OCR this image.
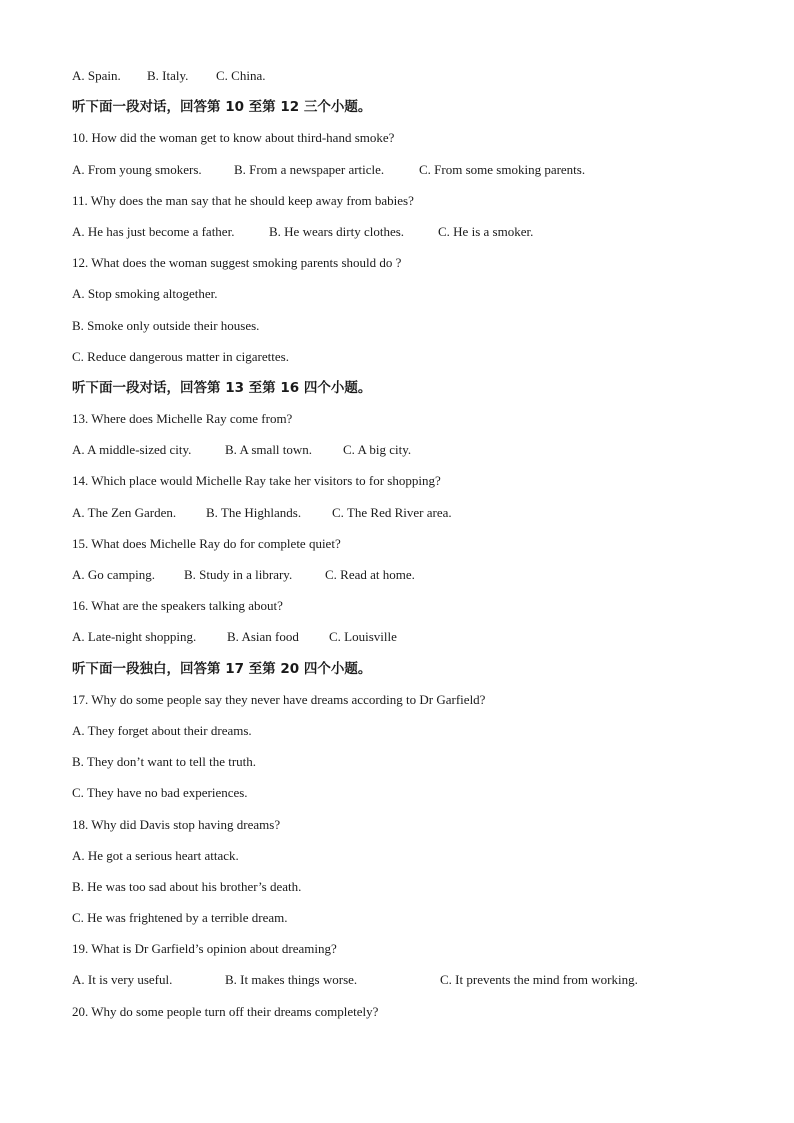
A. Spain.	B. Italy.	C. China.
听下面一段对话，回答第 10 至第 12 三个小题。
10. How did the woman get to know about third-hand smoke?
A. From young smokers.	B. From a newspaper article.	C. From some smoking parents.
11. Why does the man say that he should keep away from babies?
A. He has just become a father.	B. He wears dirty clothes.	C. He is a smoker.
12. What does the woman suggest smoking parents should do ?
A. Stop smoking altogether.
B. Smoke only outside their houses.
C. Reduce dangerous matter in cigarettes.
听下面一段对话，回答第 13 至第 16 四个小题。
13. Where does Michelle Ray come from?
A. A middle-sized city.	B. A small town.	C. A big city.
14. Which place would Michelle Ray take her visitors to for shopping?
A. The Zen Garden.	B. The Highlands.	C. The Red River area.
15. What does Michelle Ray do for complete quiet?
A. Go camping.	B. Study in a library.	C. Read at home.
16. What are the speakers talking about?
A. Late-night shopping.	B. Asian food	C. Louisville
听下面一段独白，回答第 17 至第 20 四个小题。
17. Why do some people say they never have dreams according to Dr Garfield?
A. They forget about their dreams.
B. They don’t want to tell the truth.
C. They have no bad experiences.
18. Why did Davis stop having dreams?
A. He got a serious heart attack.
B. He was too sad about his brother’s death.
C. He was frightened by a terrible dream.
19. What is Dr Garfield’s opinion about dreaming?
A. It is very useful.	B. It makes things worse.	C. It prevents the mind from working.
20. Why do some people turn off their dreams completely?
